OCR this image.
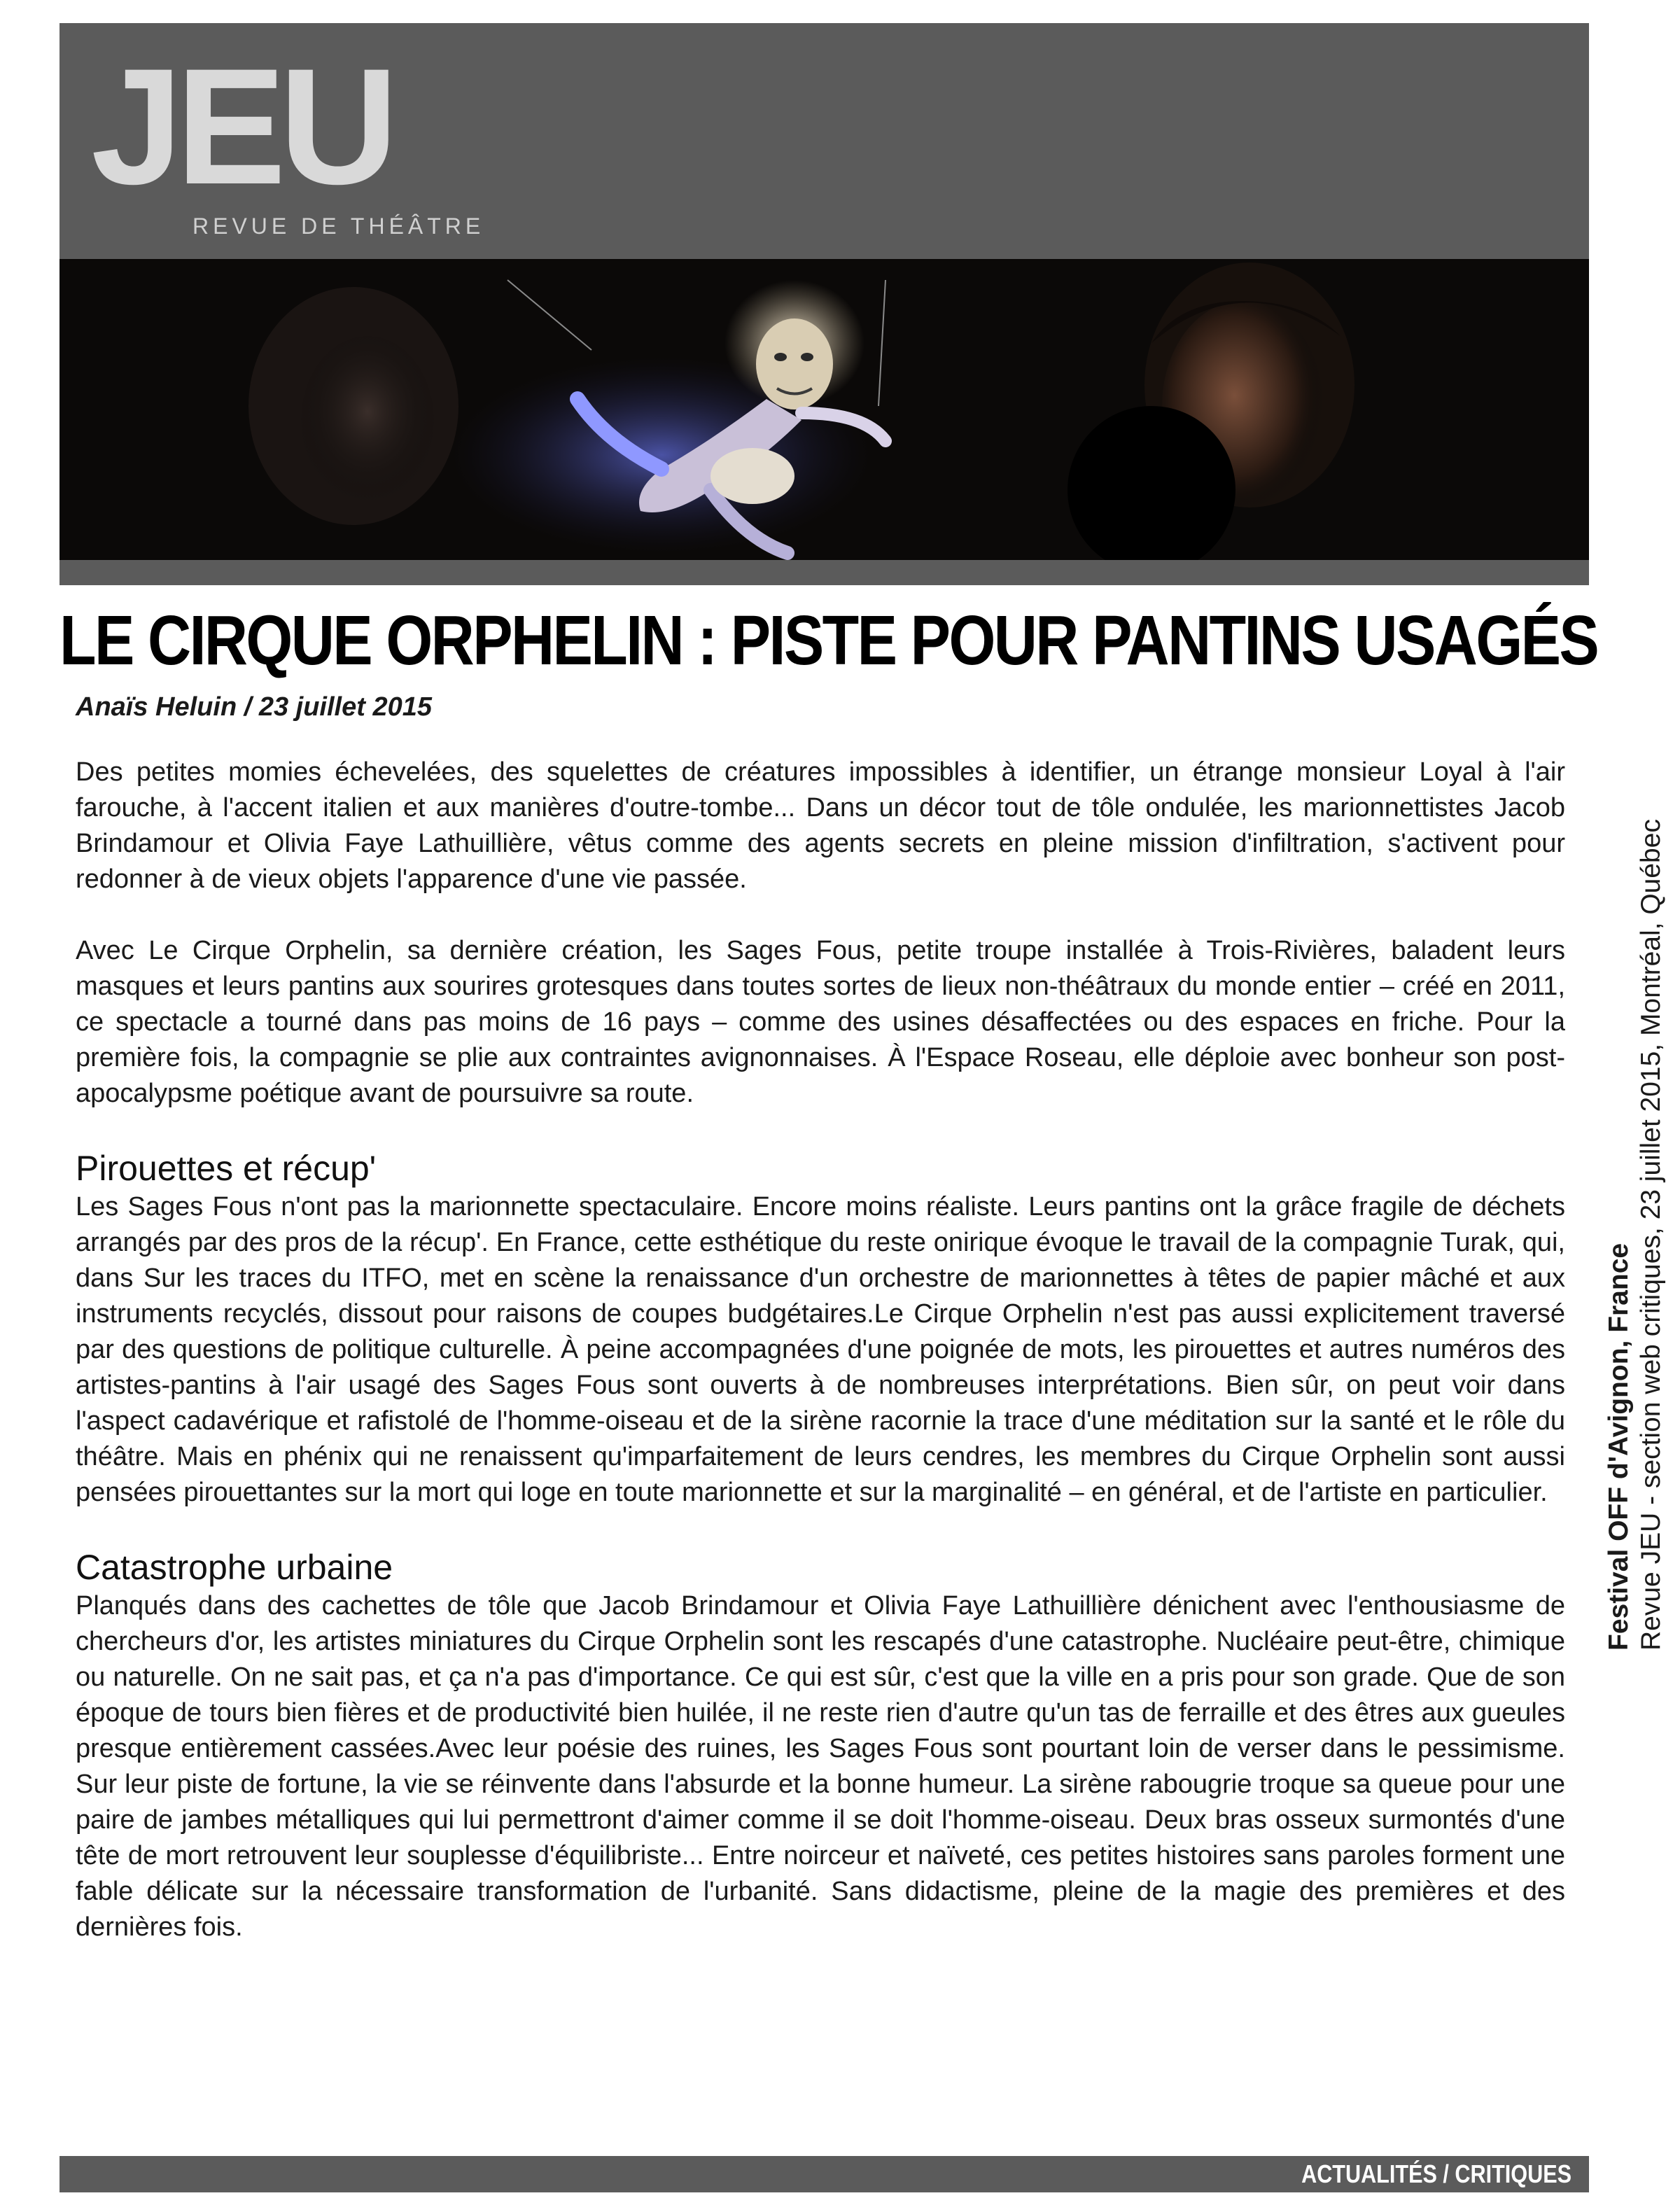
JEU
REVUE DE THÉÂTRE
Festival OFF d'Avignon, France Revue JEU - section web critiques, 23 juillet 2015, Montréal, Québec
LE CIRQUE ORPHELIN : PISTE POUR PANTINS USAGÉS
Anaïs Heluin / 23 juillet 2015

Des petites momies échevelées, des squelettes de créatures impossibles à identifier, un étrange monsieur Loyal à l'air farouche, à l'accent italien et aux manières d'outre-tombe... Dans un décor tout de tôle ondulée, les marionnettistes Jacob Brindamour et Olivia Faye Lathuillière, vêtus comme des agents secrets en pleine mission d'infiltration, s'activent pour redonner à de vieux objets l'apparence d'une vie passée.

Avec Le Cirque Orphelin, sa dernière création, les Sages Fous, petite troupe installée à Trois-Rivières, baladent leurs masques et leurs pantins aux sourires grotesques dans toutes sortes de lieux non-théâtraux du monde entier – créé en 2011, ce spectacle a tourné dans pas moins de 16 pays – comme des usines désaffectées ou des espaces en friche. Pour la première fois, la compagnie se plie aux contraintes avignonnaises. À l'Espace Roseau, elle déploie avec bonheur son post-apocalypsme poétique avant de poursuivre sa route.

Pirouettes et récup'

Les Sages Fous n'ont pas la marionnette spectaculaire. Encore moins réaliste. Leurs pantins ont la grâce fragile de déchets arrangés par des pros de la récup'. En France, cette esthétique du reste onirique évoque le travail de la compagnie Turak, qui, dans Sur les traces du ITFO, met en scène la renaissance d'un orchestre de marionnettes à têtes de papier mâché et aux instruments recyclés, dissout pour raisons de coupes budgétaires.Le Cirque Orphelin n'est pas aussi explicitement traversé par des questions de politique culturelle. À peine accompagnées d'une poignée de mots, les pirouettes et autres numéros des artistes-pantins à l'air usagé des Sages Fous sont ouverts à de nombreuses interprétations. Bien sûr, on peut voir dans l'aspect cadavérique et rafistolé de l'homme-oiseau et de la sirène racornie la trace d'une méditation sur la santé et le rôle du théâtre. Mais en phénix qui ne renaissent qu'imparfaitement de leurs cendres, les membres du Cirque Orphelin sont aussi pensées pirouettantes sur la mort qui loge en toute marionnette et sur la marginalité – en général, et de l'artiste en particulier.

Catastrophe urbaine

Planqués dans des cachettes de tôle que Jacob Brindamour et Olivia Faye Lathuillière dénichent avec l'enthousiasme de chercheurs d'or, les artistes miniatures du Cirque Orphelin sont les rescapés d'une catastrophe. Nucléaire peut-être, chimique ou naturelle. On ne sait pas, et ça n'a pas d'importance. Ce qui est sûr, c'est que la ville en a pris pour son grade. Que de son époque de tours bien fières et de productivité bien huilée, il ne reste rien d'autre qu'un tas de ferraille et des êtres aux gueules presque entièrement cassées.Avec leur poésie des ruines, les Sages Fous sont pourtant loin de verser dans le pessimisme. Sur leur piste de fortune, la vie se réinvente dans l'absurde et la bonne humeur. La sirène rabougrie troque sa queue pour une paire de jambes métalliques qui lui permettront d'aimer comme il se doit l'homme-oiseau. Deux bras osseux surmontés d'une tête de mort retrouvent leur souplesse d'équilibriste... Entre noirceur et naïveté, ces petites histoires sans paroles forment une fable délicate sur la nécessaire transformation de l'urbanité. Sans didactisme, pleine de la magie des premières et des dernières fois.

ACTUALITÉS / CRITIQUES
